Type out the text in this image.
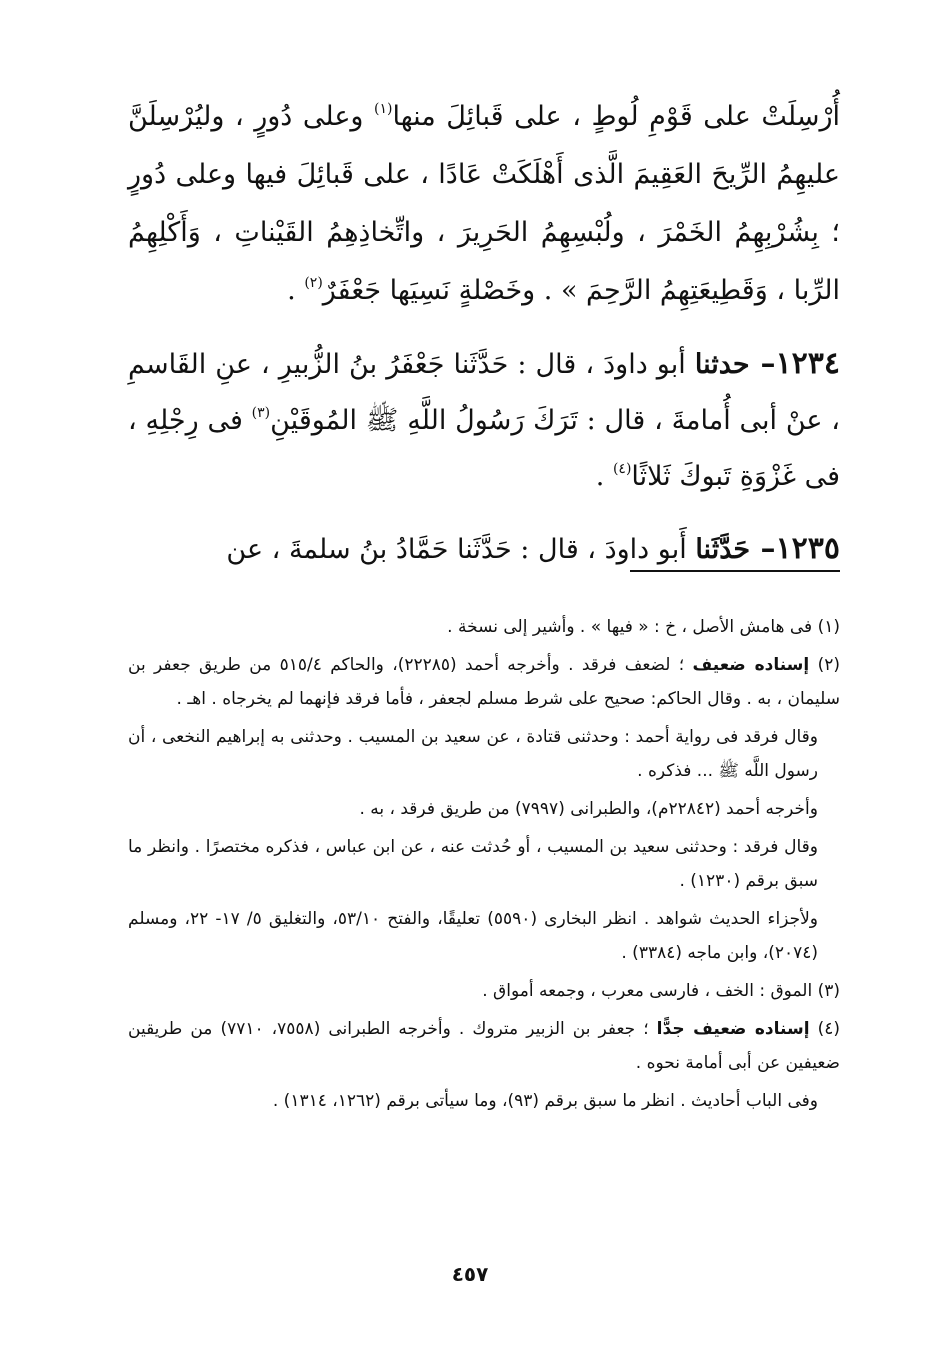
أُرْسِلَتْ على قَوْمِ لُوطٍ ، على قَبائِلَ منها$^{(١)}$ وعلى دُورٍ ، وليُرْسِلَنَّ عليهِمُ الرِّيحَ العَقِيمَ الَّذى أَهْلَكَتْ عَادًا ، على قَبائِلَ فيها وعلى دُورٍ ؛ بِشُرْبِهِمُ الخَمْرَ ، ولُبْسِهِمُ الحَرِيرَ ، واتِّخاذِهِمُ القَيْناتِ ، وَأَكْلِهِمُ الرِّبا ، وَقَطِيعَتِهِمُ الرَّحِمَ » . وخَصْلةٍ نَسِيَها جَعْفَرٌ$^{(٢)}$ .

١٢٣٤– حدثنا أبو داودَ ، قال : حَدَّثَنا جَعْفَرُ بنُ الزُّبيرِ ، عنِ القَاسمِ ، عنْ أبى أُمامةَ ، قال : تَرَكَ رَسُولُ اللَّهِ ﷺ المُوقَيْنِ$^{(٣)}$ فى رِجْلِهِ ، فى غَزْوَةِ تَبوكَ ثَلاثًا$^{(٤)}$ .

١٢٣٥– حَدَّثَنا أَبو داودَ ، قال : حَدَّثَنا حَمَّادُ بنُ سلمةَ ، عن

(١) فى هامش الأصل ، خ : « فيها » . وأشير إلى نسخة .

(٢) إسناده ضعيف ؛ لضعف فرقد . وأخرجه أحمد (٢٢٢٨٥)، والحاكم ٥١٥/٤ من طريق جعفر بن سليمان ، به . وقال الحاكم: صحيح على شرط مسلم لجعفر ، فأما فرقد فإنهما لم يخرجاه . اهـ .

وقال فرقد فى رواية أحمد : وحدثنى قتادة ، عن سعيد بن المسيب . وحدثنى به إبراهيم النخعى ، أن رسول اللَّه ﷺ ... فذكره .

وأخرجه أحمد (٢٢٨٤٢م)، والطبرانى (٧٩٩٧) من طريق فرقد ، به .

وقال فرقد : وحدثنى سعيد بن المسيب ، أو حُدثت عنه ، عن ابن عباس ، فذكره مختصرًا . وانظر ما سبق برقم (١٢٣٠) .

ولأجزاء الحديث شواهد . انظر البخارى (٥٥٩٠) تعليقًا، والفتح ٥٣/١٠، والتغليق ٥/ ١٧- ٢٢، ومسلم (٢٠٧٤)، وابن ماجه (٣٣٨٤) .

(٣) الموق : الخف ، فارسى معرب ، وجمعه أمواق .

(٤) إسناده ضعيف جدًّا ؛ جعفر بن الزبير متروك . وأخرجه الطبرانى (٧٥٥٨، ٧٧١٠) من طريقين ضعيفين عن أبى أمامة نحوه .

وفى الباب أحاديث . انظر ما سبق برقم (٩٣)، وما سيأتى برقم (١٢٦٢، ١٣١٤) .

٤٥٧
